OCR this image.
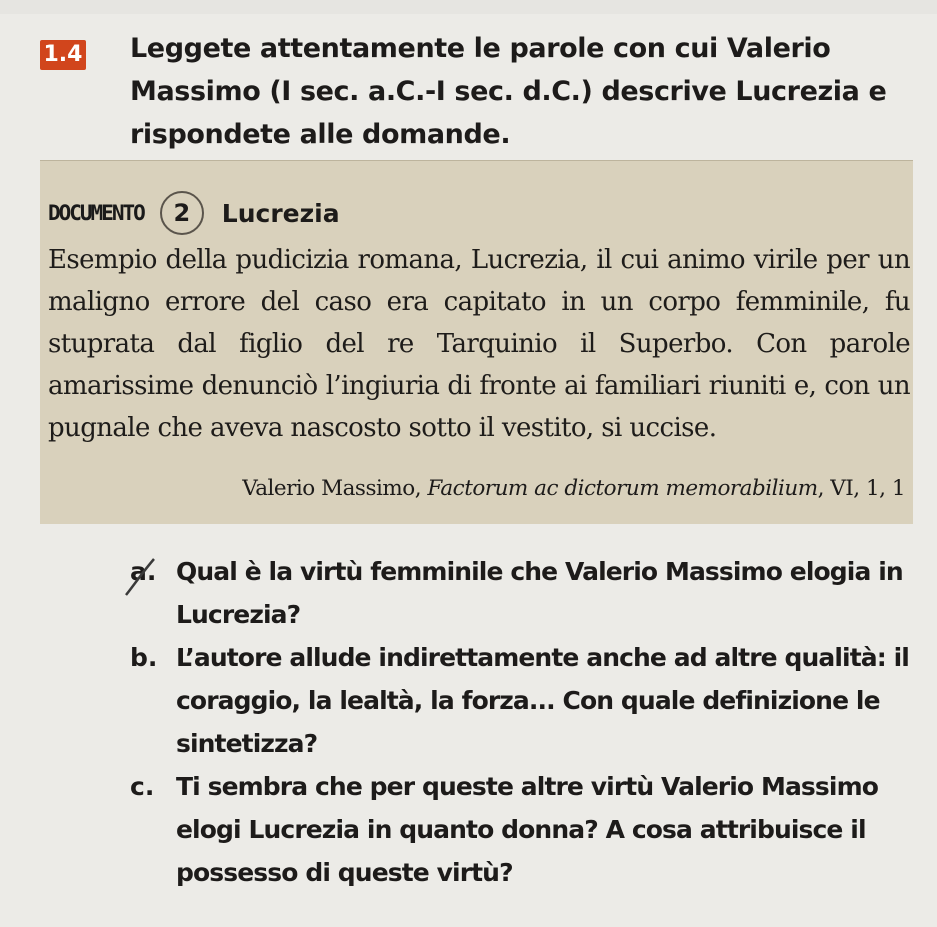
1.4 Leggete attentamente le parole con cui Valerio Massimo (I sec. a.C.-I sec. d.C.) descrive Lucrezia e rispondete alle domande.
DOCUMENTO	2	Lucrezia
Esempio della pudicizia romana, Lucrezia, il cui animo virile per un maligno errore del caso era capitato in un corpo femminile, fu stuprata dal figlio del re Tarquinio il Superbo. Con parole amarissime denunciò l’ingiuria di fronte ai familiari riuniti e, con un pugnale che aveva nascosto sotto il vestito, si uccise.
Valerio Massimo, Factorum ac dictorum memorabilium, VI, 1, 1
a. Qual è la virtù femminile che Valerio Massimo elogia in Lucrezia?
b. L’autore allude indirettamente anche ad altre qualità: il coraggio, la lealtà, la forza... Con quale definizione le sintetizza?
c. Ti sembra che per queste altre virtù Valerio Massimo elogi Lucrezia in quanto donna? A cosa attribuisce il possesso di queste virtù?
